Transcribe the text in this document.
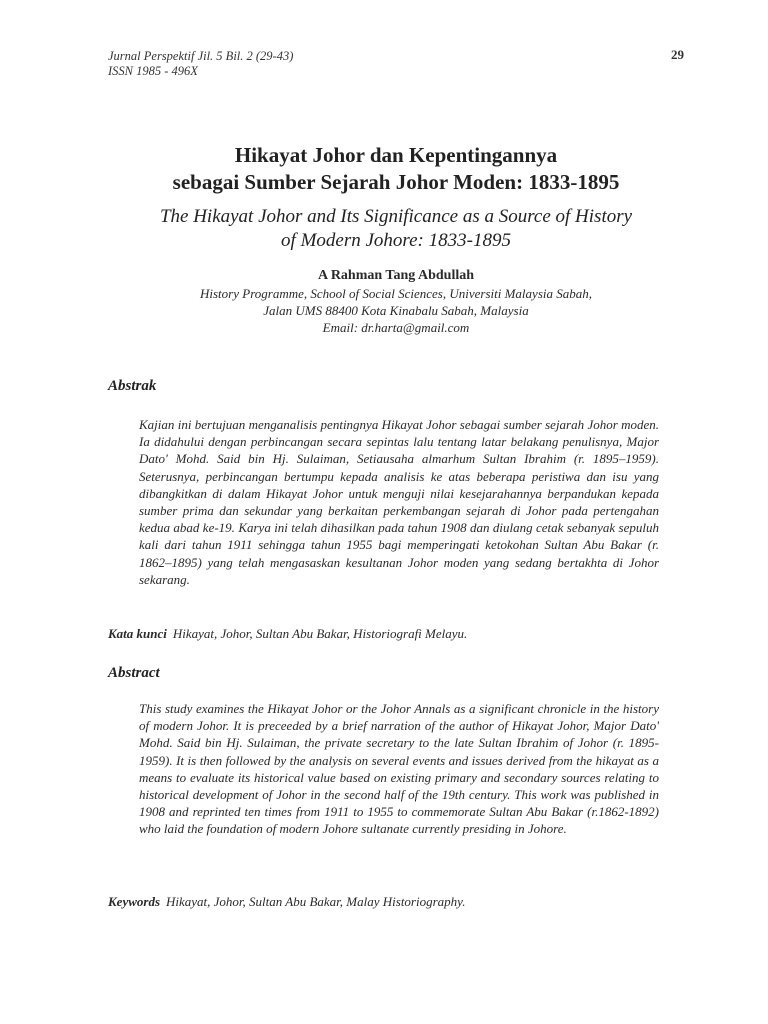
Jurnal Perspektif Jil. 5 Bil. 2 (29-43)
ISSN 1985 - 496X
29
Hikayat Johor dan Kepentingannya
sebagai Sumber Sejarah Johor Moden: 1833-1895
The Hikayat Johor and Its Significance as a Source of History
of Modern Johore: 1833-1895
A Rahman Tang Abdullah
History Programme, School of Social Sciences, Universiti Malaysia Sabah,
Jalan UMS 88400 Kota Kinabalu Sabah, Malaysia
Email: dr.harta@gmail.com
Abstrak
Kajian ini bertujuan menganalisis pentingnya Hikayat Johor sebagai sumber sejarah Johor moden. Ia didahului dengan perbincangan secara sepintas lalu tentang latar belakang penulisnya, Major Dato' Mohd. Said bin Hj. Sulaiman, Setiausaha almarhum Sultan Ibrahim (r. 1895–1959). Seterusnya, perbincangan bertumpu kepada analisis ke atas beberapa peristiwa dan isu yang dibangkitkan di dalam Hikayat Johor untuk menguji nilai kesejarahannya berpandukan kepada sumber prima dan sekundar yang berkaitan perkembangan sejarah di Johor pada pertengahan kedua abad ke-19. Karya ini telah dihasilkan pada tahun 1908 dan diulang cetak sebanyak sepuluh kali dari tahun 1911 sehingga tahun 1955 bagi memperingati ketokohan Sultan Abu Bakar (r. 1862–1895) yang telah mengasaskan kesultanan Johor moden yang sedang bertakhta di Johor sekarang.
Kata kunci Hikayat, Johor, Sultan Abu Bakar, Historiografi Melayu.
Abstract
This study examines the Hikayat Johor or the Johor Annals as a significant chronicle in the history of modern Johor. It is preceeded by a brief narration of the author of Hikayat Johor, Major Dato' Mohd. Said bin Hj. Sulaiman, the private secretary to the late Sultan Ibrahim of Johor (r. 1895-1959). It is then followed by the analysis on several events and issues derived from the hikayat as a means to evaluate its historical value based on existing primary and secondary sources relating to historical development of Johor in the second half of the 19th century. This work was published in 1908 and reprinted ten times from 1911 to 1955 to commemorate Sultan Abu Bakar (r.1862-1892) who laid the foundation of modern Johore sultanate currently presiding in Johore.
Keywords Hikayat, Johor, Sultan Abu Bakar, Malay Historiography.
